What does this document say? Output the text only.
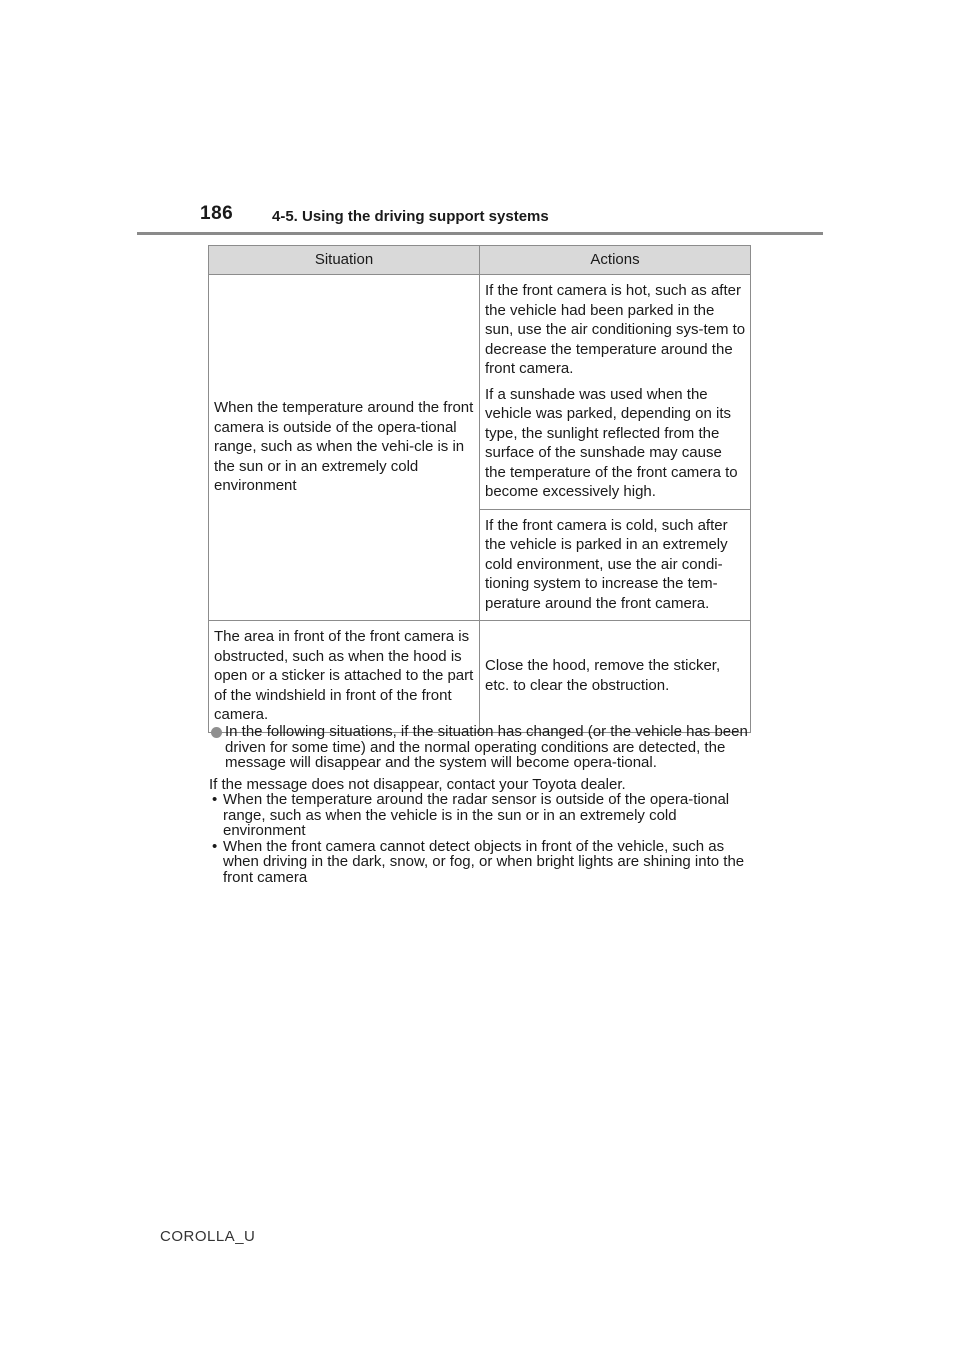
186	4-5. Using the driving support systems
Situation	Actions
When the temperature around the front camera is outside of the opera-tional range, such as when the vehi-cle is in the sun or in an extremely cold environment	If the front camera is hot, such as after the vehicle had been parked in the sun, use the air conditioning sys-tem to decrease the temperature around the front camera.
If a sunshade was used when the vehicle was parked, depending on its type, the sunlight reflected from the surface of the sunshade may cause the temperature of the front camera to become excessively high.

	If the front camera is cold, such after the vehicle is parked in an extremely cold environment, use the air condi-tioning system to increase the tem-perature around the front camera.

The area in front of the front camera is obstructed, such as when the hood is open or a sticker is attached to the part of the windshield in front of the front camera.	Close the hood, remove the sticker, etc. to clear the obstruction.
In the following situations, if the situation has changed (or the vehicle has been driven for some time) and the normal operating conditions are detected, the message will disappear and the system will become opera-tional.
If the message does not disappear, contact your Toyota dealer.
• When the temperature around the radar sensor is outside of the opera-tional range, such as when the vehicle is in the sun or in an extremely cold environment
• When the front camera cannot detect objects in front of the vehicle, such as when driving in the dark, snow, or fog, or when bright lights are shining into the front camera
COROLLA_U
